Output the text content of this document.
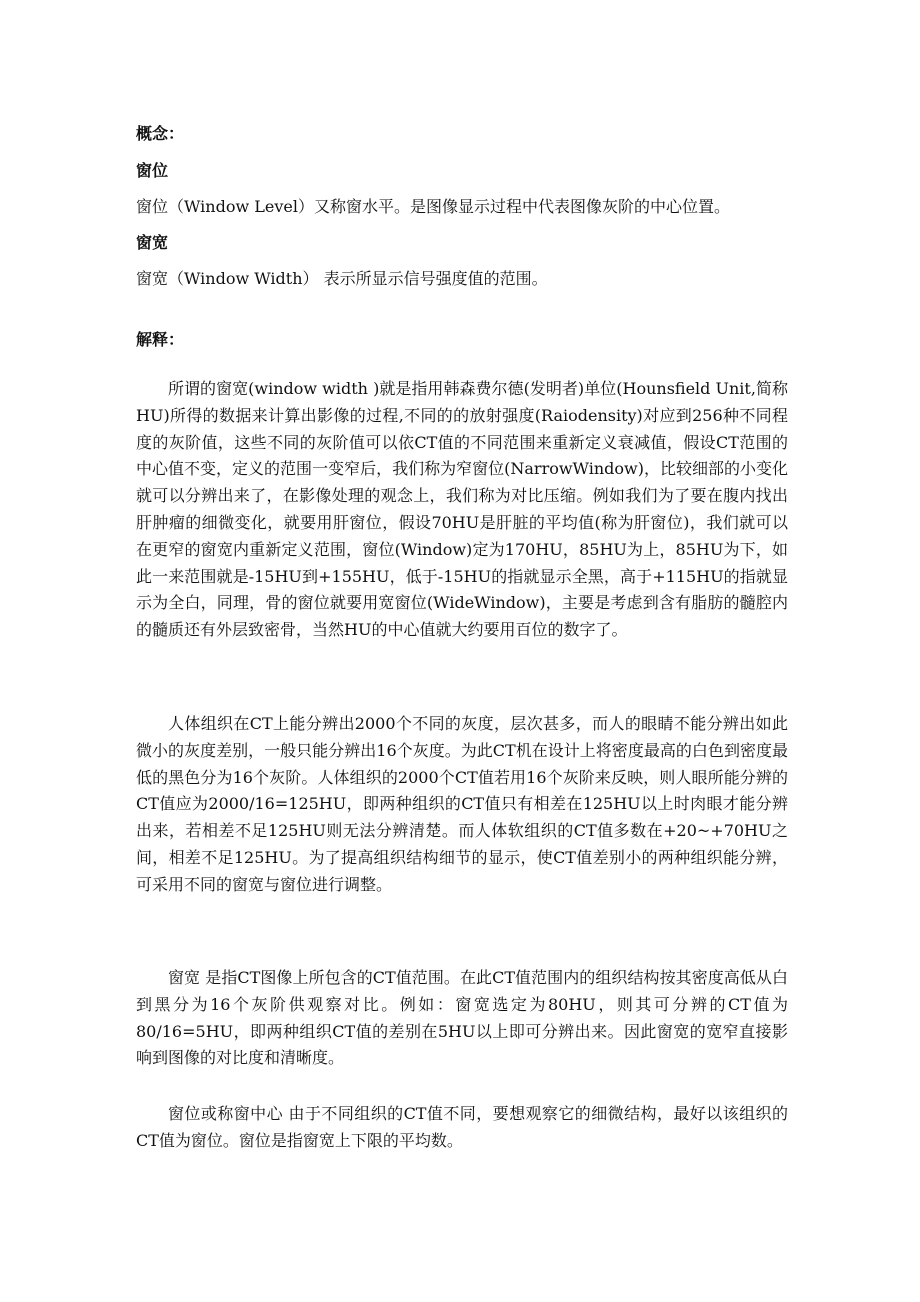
概念：
窗位
窗位（Window Level）又称窗水平。是图像显示过程中代表图像灰阶的中心位置。
窗宽
窗宽（Window Width） 表示所显示信号强度值的范围。
解释：

所谓的窗宽(window width )就是指用韩森费尔德(发明者)单位(Hounsfield Unit,简称HU)所得的数据来计算出影像的过程,不同的的放射强度(Raiodensity)对应到256种不同程度的灰阶值，这些不同的灰阶值可以依CT值的不同范围来重新定义衰减值，假设CT范围的中心值不变，定义的范围一变窄后，我们称为窄窗位(NarrowWindow)，比较细部的小变化就可以分辨出来了，在影像处理的观念上，我们称为对比压缩。例如我们为了要在腹内找出肝肿瘤的细微变化，就要用肝窗位，假设70HU是肝脏的平均值(称为肝窗位)，我们就可以在更窄的窗宽内重新定义范围，窗位(Window)定为170HU，85HU为上，85HU为下，如此一来范围就是-15HU到+155HU，低于-15HU的指就显示全黑，高于+115HU的指就显示为全白，同理，骨的窗位就要用宽窗位(WideWindow)，主要是考虑到含有脂肪的髓腔内的髓质还有外层致密骨，当然HU的中心值就大约要用百位的数字了。

人体组织在CT上能分辨出2000个不同的灰度，层次甚多，而人的眼睛不能分辨出如此微小的灰度差别，一般只能分辨出16个灰度。为此CT机在设计上将密度最高的白色到密度最低的黑色分为16个灰阶。人体组织的2000个CT值若用16个灰阶来反映，则人眼所能分辨的CT值应为2000/16=125HU，即两种组织的CT值只有相差在125HU以上时肉眼才能分辨出来，若相差不足125HU则无法分辨清楚。而人体软组织的CT值多数在+20~+70HU之间，相差不足125HU。为了提高组织结构细节的显示，使CT值差别小的两种组织能分辨，可采用不同的窗宽与窗位进行调整。

窗宽 是指CT图像上所包含的CT值范围。在此CT值范围内的组织结构按其密度高低从白到黑分为16个灰阶供观察对比。例如：窗宽选定为80HU，则其可分辨的CT值为80/16=5HU，即两种组织CT值的差别在5HU以上即可分辨出来。因此窗宽的宽窄直接影响到图像的对比度和清晰度。

窗位或称窗中心 由于不同组织的CT值不同，要想观察它的细微结构，最好以该组织的CT值为窗位。窗位是指窗宽上下限的平均数。
